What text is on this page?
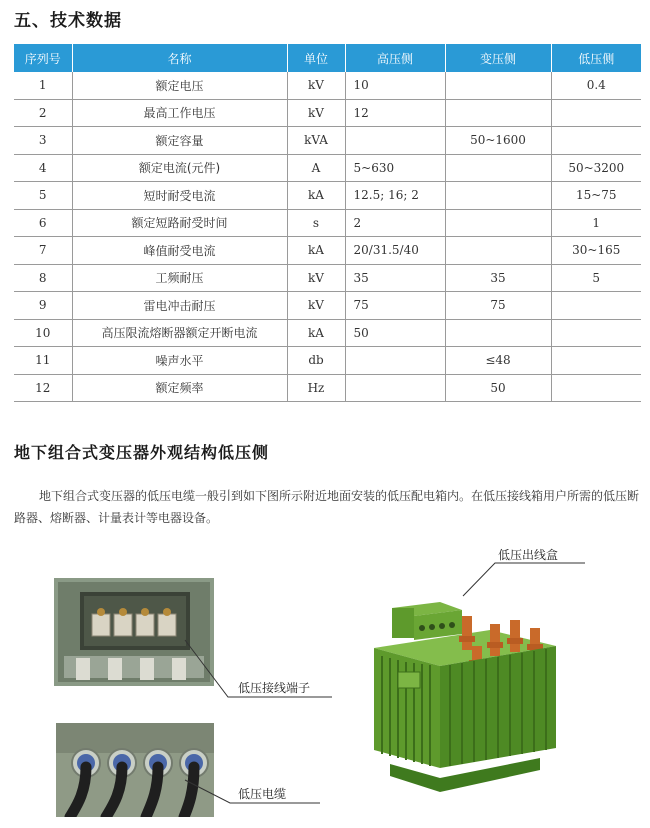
五、技术数据
序列号	名称	单位	高压侧	变压侧	低压侧
1	额定电压	kV	10		0.4
2	最高工作电压	kV	12		
3	额定容量	kVA		50~1600	
4	额定电流(元件)	A	5~630		50~3200
5	短时耐受电流	kA	12.5; 16; 2		15~75
6	额定短路耐受时间	s	2		1
7	峰值耐受电流	kA	20/31.5/40		30~165
8	工频耐压	kV	35	35	5
9	雷电冲击耐压	kV	75	75	
10	高压限流熔断器额定开断电流	kA	50		
11	噪声水平	db		≤48	
12	额定频率	Hz		50	
地下组合式变压器外观结构低压侧
地下组合式变压器的低压电缆一般引到如下图所示附近地面安装的低压配电箱内。在低压接线箱用户所需的低压断路器、熔断器、计量表计等电器设备。
低压出线盒
低压接线端子
低压电缆
